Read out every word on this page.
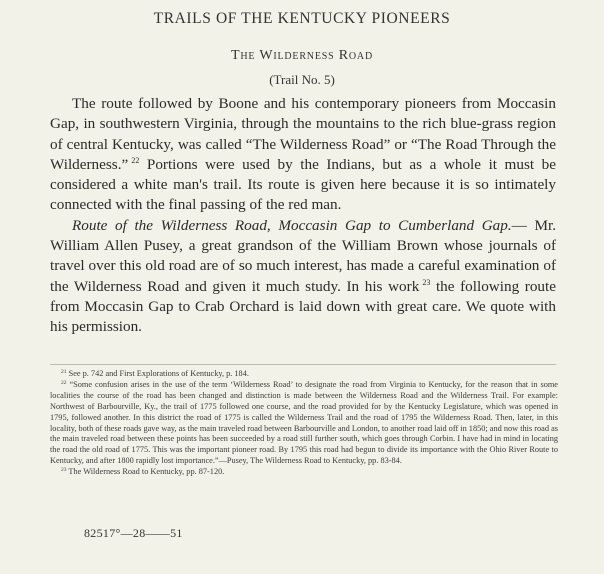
TRAILS OF THE KENTUCKY PIONEERS
The Wilderness Road
(Trail No. 5)

The route followed by Boone and his contemporary pioneers from Moccasin Gap, in southwestern Virginia, through the mountains to the rich blue-grass region of central Kentucky, was called “The Wilderness Road” or “The Road Through the Wilderness.”  $^{22}$ Portions were used by the Indians, but as a whole it must be considered a white man's trail. Its route is given here because it is so intimately connected with the final passing of the red man.

Route of the Wilderness Road, Moccasin Gap to Cumberland Gap.— Mr. William Allen Pusey, a great grandson of the William Brown whose journals of travel over this old road are of so much interest, has made a careful examination of the Wilderness Road and given it much study. In his work  $^{23}$ the following route from Moccasin Gap to Crab Orchard is laid down with great care. We quote with his permission.

$^{21}$ See p. 742 and First Explorations of Kentucky, p. 184.

$^{22}$ “Some confusion arises in the use of the term ‘Wilderness Road’ to designate the road from Virginia to Kentucky, for the reason that in some localities the course of the road has been changed and distinction is made between the Wilderness Road and the Wilderness Trail. For example: Northwest of Barbourville, Ky., the trail of 1775 followed one course, and the road provided for by the Kentucky Legislature, which was opened in 1795, followed another. In this district the road of 1775 is called the Wilderness Trail and the road of 1795 the Wilderness Road. Then, later, in this locality, both of these roads gave way, as the main traveled road between Barbourville and London, to another road laid off in 1850; and now this road as the main traveled road between these points has been succeeded by a road still further south, which goes through Corbin. I have had in mind in locating the road the old road of 1775. This was the important pioneer road. By 1795 this road had begun to divide its importance with the Ohio River Route to Kentucky, and after 1800 rapidly lost importance.”—Pusey, The Wilderness Road to Kentucky, pp. 83-84.

$^{23}$ The Wilderness Road to Kentucky, pp. 87-120.

82517°—28——51
